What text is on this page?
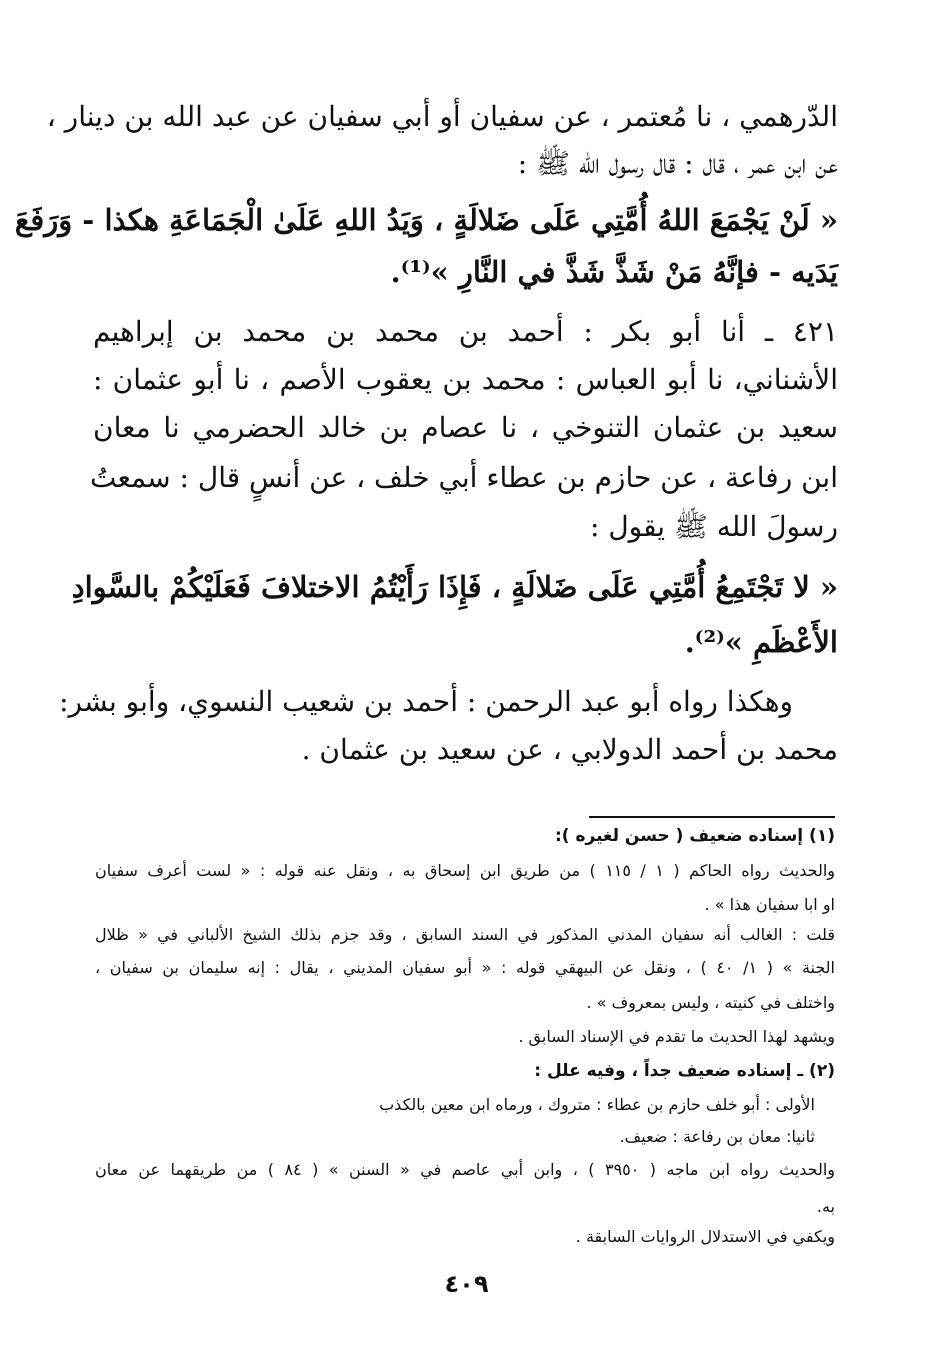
الدّرهمي ، نا مُعتمر ، عن سفيان أو أبي سفيان عن عبد الله بن دينار ،
عن ابن عمر ، قال : قال رسول الله ﷺ :
« لَنْ يَجْمَعَ اللهُ أُمَّتِي عَلَى ضَلالَةٍ ، وَيَدُ اللهِ عَلَىٰ الْجَمَاعَةِ هكذا - وَرَفَعَ
يَدَيه - فإنَّهُ مَنْ شَذَّ شَذَّ في النَّارِ »⁽¹⁾.
٤٢١ ـ أنا أبو بكر : أحمد بن محمد بن محمد بن إبراهيم
الأشناني، نا أبو العباس : محمد بن يعقوب الأصم ، نا أبو عثمان :
سعيد بن عثمان التنوخي ، نا عصام بن خالد الحضرمي نا معان
ابن رفاعة ، عن حازم بن عطاء أبي خلف ، عن أنسٍ قال : سمعتُ
رسولَ الله ﷺ يقول :
« لا تَجْتَمِعُ أُمَّتِي عَلَى ضَلالَةٍ ، فَإِذَا رَأَيْتُمُ الاختلافَ فَعَلَيْكُمْ بالسَّوادِ
الأَعْظَمِ »⁽²⁾.
وهكذا رواه أبو عبد الرحمن : أحمد بن شعيب النسوي، وأبو بشر:
محمد بن أحمد الدولابي ، عن سعيد بن عثمان .
(١) إسناده ضعيف ( حسن لغيره ):
والحديث رواه الحاكم ( ١ / ١١٥ ) من طريق ابن إسحاق به ، ونقل عنه قوله : « لست أعرف سفيان
او ابا سفيان هذا » .
قلت : الغالب أنه سفيان المدني المذكور في السند السابق ، وقد جزم بذلك الشيخ الألباني في « ظلال
الجنة » ( ١/ ٤٠ ) ، ونقل عن البيهقي قوله : « أبو سفيان المديني ، يقال : إنه سليمان بن سفيان ،
واختلف في كنيته ، وليس بمعروف » .
ويشهد لهذا الحديث ما تقدم في الإسناد السابق .
(٢) ـ إسناده ضعيف جداً ، وفيه علل :
الأولى : أبو خلف حازم بن عطاء : متروك ، ورماه ابن معين بالكذب
ثانيا: معان بن رفاعة : ضعيف.
والحديث رواه ابن ماجه ( ٣٩٥٠ ) ، وابن أبي عاصم في « السنن » ( ٨٤ ) من طريقهما عن معان
به.
ويكفي في الاستدلال الروايات السابقة .
٤٠٩
